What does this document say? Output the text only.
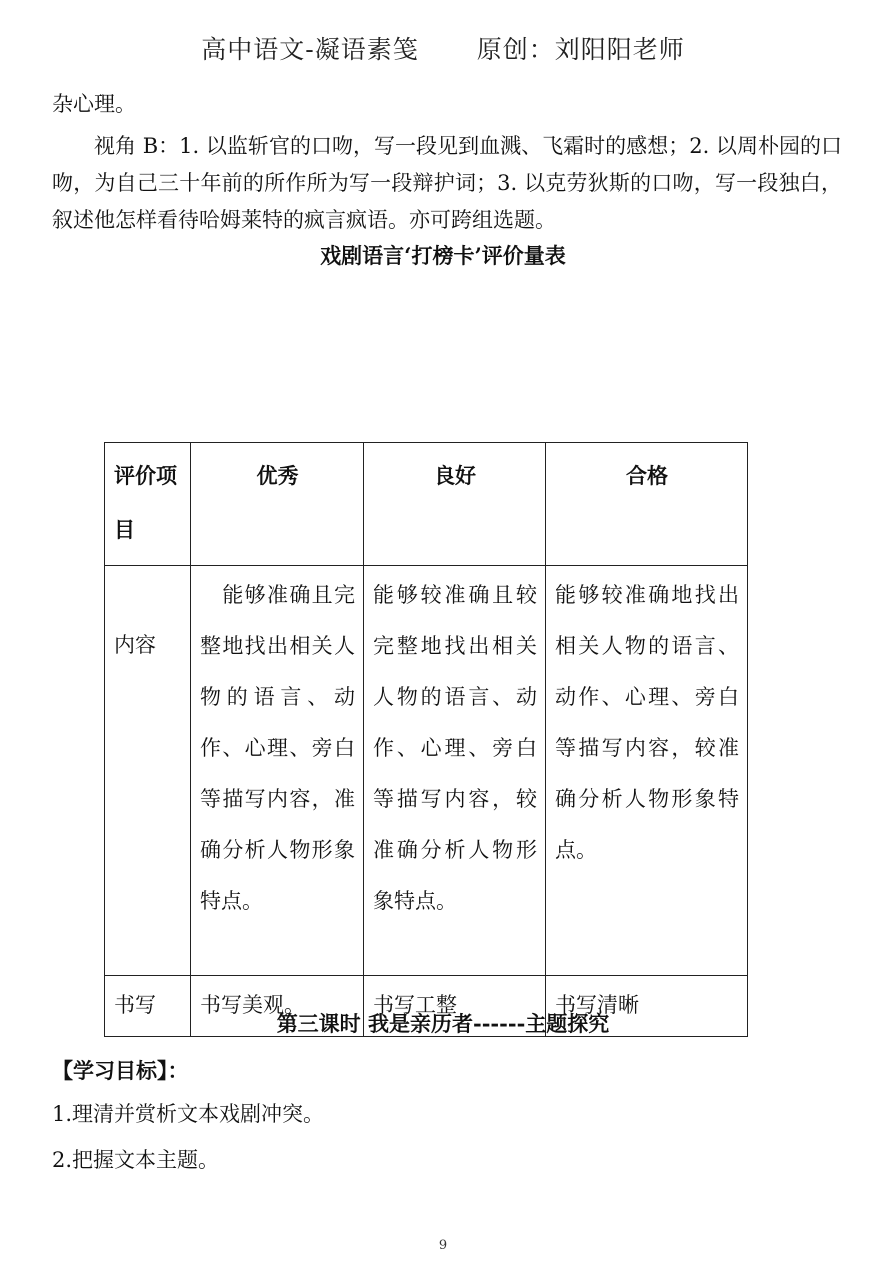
高中语文-凝语素笺 原创：刘阳阳老师

杂心理。

视角 B：1. 以监斩官的口吻，写一段见到血溅、飞霜时的感想；2. 以周朴园的口吻，为自己三十年前的所作所为写一段辩护词；3. 以克劳狄斯的口吻，写一段独白，叙述他怎样看待哈姆莱特的疯言疯语。亦可跨组选题。

戏剧语言‘打榜卡’评价量表

评价项目	优秀	良好	合格
内容	　能够准确且完整地找出相关人物的语言、动作、心理、旁白等描写内容，准确分析人物形象特点。	能够较准确且较完整地找出相关人物的语言、动作、心理、旁白等描写内容，较准确分析人物形象特点。	能够较准确地找出相关人物的语言、动作、心理、旁白等描写内容，较准确分析人物形象特点。
书写	书写美观。	书写工整	书写清晰

第三课时 我是亲历者------主题探究

【学习目标】：

1.理清并赏析文本戏剧冲突。

2.把握文本主题。

9
